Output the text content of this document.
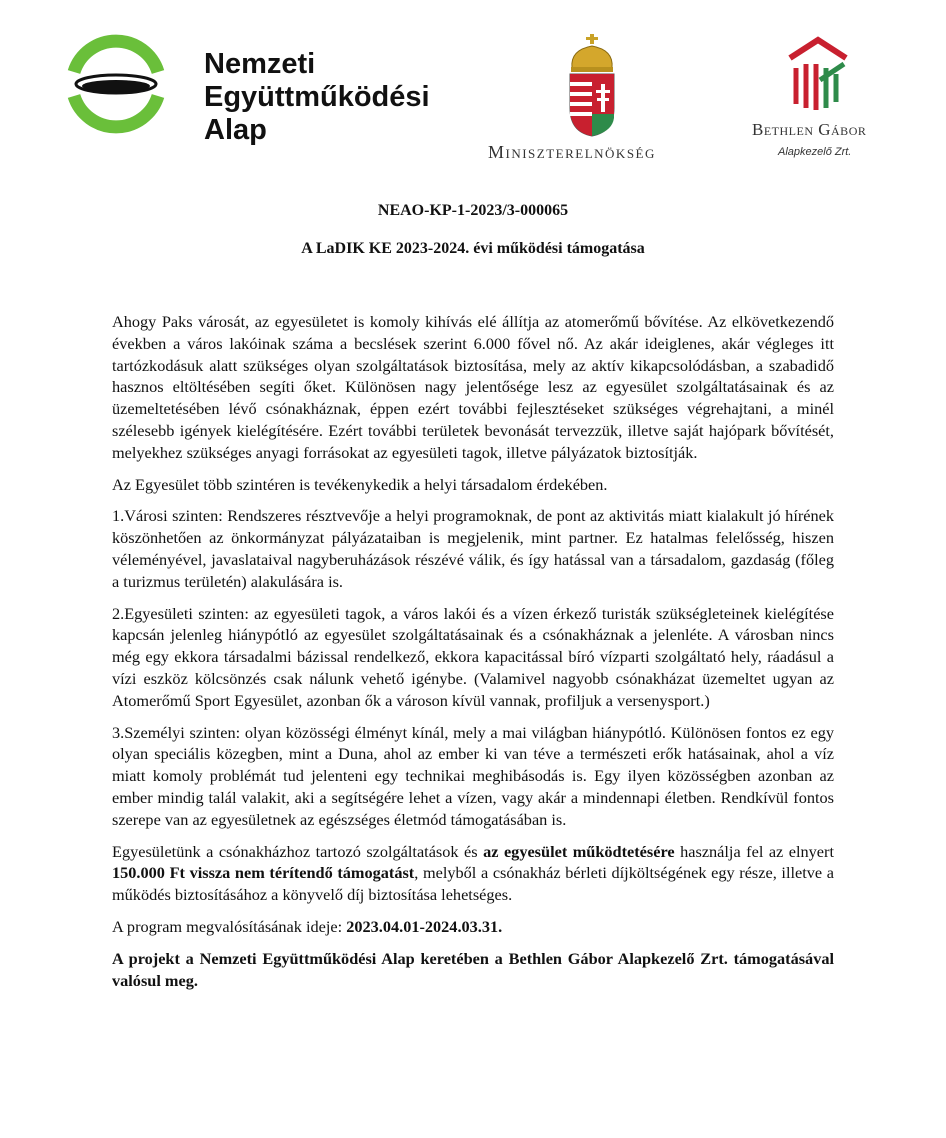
Nemzeti
Együttműködési
Alap
Miniszterelnökség
Bethlen Gábor
Alapkezelő Zrt.
NEAO-KP-1-2023/3-000065
A LaDIK KE 2023-2024. évi működési támogatása

Ahogy Paks városát, az egyesületet is komoly kihívás elé állítja az atomerőmű bővítése. Az elkövetkezendő években a város lakóinak száma a becslések szerint 6.000 fővel nő. Az akár ideiglenes, akár végleges itt tartózkodásuk alatt szükséges olyan szolgáltatások biztosítása, mely az aktív kikapcsolódásban, a szabadidő hasznos eltöltésében segíti őket. Különösen nagy jelentősége lesz az egyesület szolgáltatásainak és az üzemeltetésében lévő csónakháznak, éppen ezért további fejlesztéseket szükséges végrehajtani, a minél szélesebb igények kielégítésére. Ezért további területek bevonását tervezzük, illetve saját hajópark bővítését, melyekhez szükséges anyagi forrásokat az egyesületi tagok, illetve pályázatok biztosítják.

Az Egyesület több szintéren is tevékenykedik a helyi társadalom érdekében.

1.Városi szinten: Rendszeres résztvevője a helyi programoknak, de pont az aktivitás miatt kialakult jó hírének köszönhetően az önkormányzat pályázataiban is megjelenik, mint partner. Ez hatalmas felelősség, hiszen véleményével, javaslataival nagyberuházások részévé válik, és így hatással van a társadalom, gazdaság (főleg a turizmus területén) alakulására is.

2.Egyesületi szinten: az egyesületi tagok, a város lakói és a vízen érkező turisták szükségleteinek kielégítése kapcsán jelenleg hiánypótló az egyesület szolgáltatásainak és a csónakháznak a jelenléte. A városban nincs még egy ekkora társadalmi bázissal rendelkező, ekkora kapacitással bíró vízparti szolgáltató hely, ráadásul a vízi eszköz kölcsönzés csak nálunk vehető igénybe. (Valamivel nagyobb csónakházat üzemeltet ugyan az Atomerőmű Sport Egyesület, azonban ők a városon kívül vannak, profiljuk a versenysport.)

3.Személyi szinten: olyan közösségi élményt kínál, mely a mai világban hiánypótló. Különösen fontos ez egy olyan speciális közegben, mint a Duna, ahol az ember ki van téve a természeti erők hatásainak, ahol a víz miatt komoly problémát tud jelenteni egy technikai meghibásodás is. Egy ilyen közösségben azonban az ember mindig talál valakit, aki a segítségére lehet a vízen, vagy akár a mindennapi életben. Rendkívül fontos szerepe van az egyesületnek az egészséges életmód támogatásában is.

Egyesületünk a csónakházhoz tartozó szolgáltatások és az egyesület működtetésére használja fel az elnyert 150.000 Ft vissza nem térítendő támogatást, melyből a csónakház bérleti díjköltségének egy része, illetve a működés biztosításához a könyvelő díj biztosítása lehetséges.

A program megvalósításának ideje: 2023.04.01-2024.03.31.

A projekt a Nemzeti Együttműködési Alap keretében a Bethlen Gábor Alapkezelő Zrt. támogatásával valósul meg.
